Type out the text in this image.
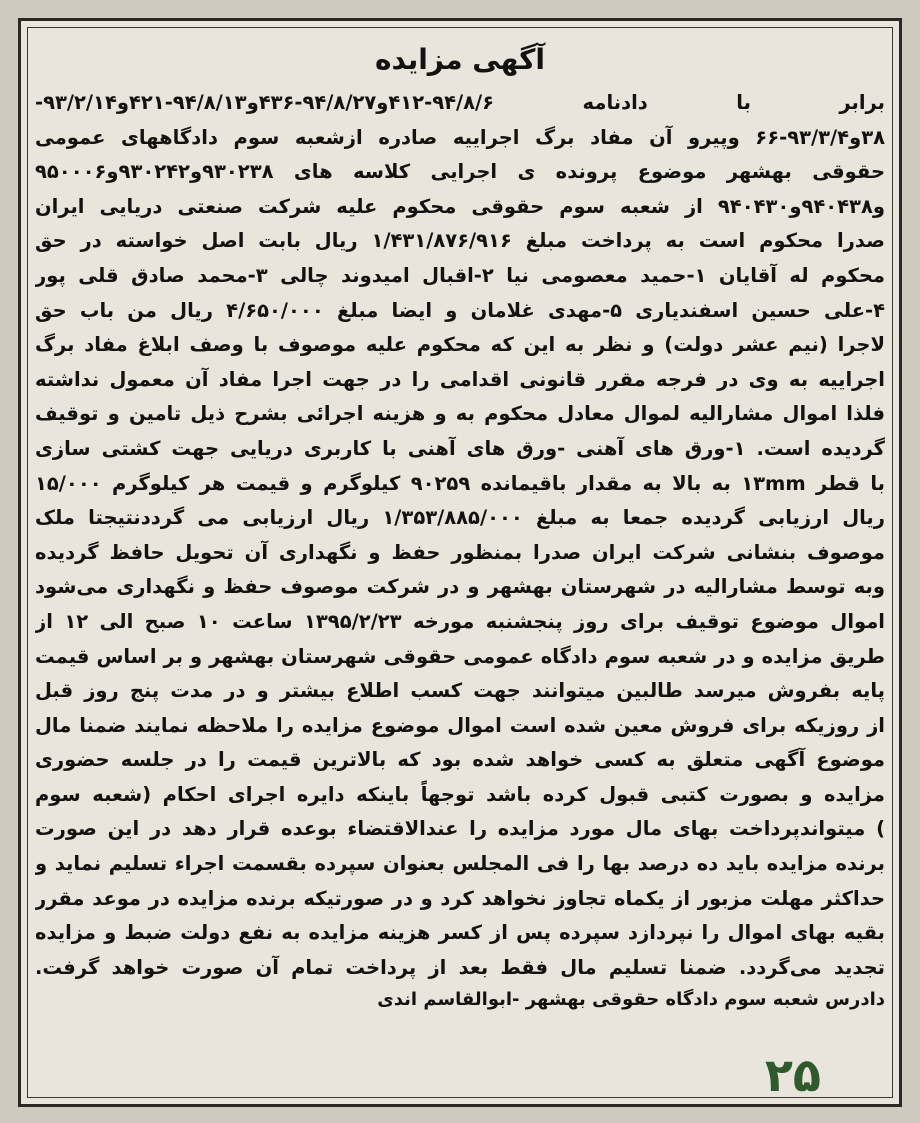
آگهی مزایده
برابر با دادنامه ۹۴/۸/۶-۴۱۲و۹۴/۸/۲۷-۴۳۶و۹۴/۸/۱۳-۴۲۱و۹۳/۲/۱۴-
۳۸و۹۳/۳/۴-۶۶ وپیرو آن مفاد برگ اجراییه صادره ازشعبه سوم دادگاههای عمومی
حقوقی بهشهر موضوع پرونده ی اجرایی کلاسه های ۹۳۰۲۳۸و۹۳۰۲۴۲و۹۵۰۰۰۶
و۹۴۰۴۳۸و۹۴۰۴۳۰ از شعبه سوم حقوقی محکوم علیه شرکت صنعتی دریایی ایران
صدرا محکوم است به پرداخت مبلغ ۱/۴۳۱/۸۷۶/۹۱۶ ریال بابت اصل خواسته در حق
محکوم له آقایان ۱-حمید معصومی نیا ۲-اقبال امیدوند چالی ۳-محمد صادق قلی پور
۴-علی حسین اسفندیاری ۵-مهدی غلامان و ایضا مبلغ ۴/۶۵۰/۰۰۰ ریال من باب حق
لاجرا (نیم عشر دولت) و نظر به این که محکوم علیه موصوف با وصف ابلاغ مفاد برگ
اجراییه به وی در فرجه مقرر قانونی اقدامی را در جهت اجرا مفاد آن معمول نداشته
فلذا اموال مشارالیه لموال معادل محکوم به و هزینه اجرائی بشرح ذیل تامین و توقیف
گردیده است. ۱-ورق های آهنی -ورق های آهنی با کاربری دریایی جهت کشتی سازی
با قطر ۱۳mm به بالا به مقدار باقیمانده ۹۰۲۵۹ کیلوگرم و قیمت هر کیلوگرم ۱۵/۰۰۰
ریال ارزیابی گردیده جمعا به مبلغ ۱/۳۵۳/۸۸۵/۰۰۰ ریال ارزیابی می گرددنتیجتا ملک
موصوف بنشانی شرکت ایران صدرا بمنظور حفظ و نگهداری آن تحویل حافظ گردیده
وبه توسط مشارالیه در شهرستان بهشهر و در شرکت موصوف حفظ و نگهداری می‌شود
اموال موضوع توقیف برای روز پنجشنبه مورخه ۱۳۹۵/۲/۲۳ ساعت ۱۰ صبح الی ۱۲ از
طریق مزایده و در شعبه سوم دادگاه عمومی حقوقی شهرستان بهشهر و بر اساس قیمت
پایه بفروش میرسد طالبین میتوانند جهت کسب اطلاع بیشتر و در مدت پنج روز قبل
از روزیکه برای فروش معین شده است اموال موضوع مزایده را ملاحظه نمایند ضمنا مال
موضوع آگهی متعلق به کسی خواهد شده بود که بالاترین قیمت را در جلسه حضوری
مزایده و بصورت کتبی قبول کرده باشد توجهاً باینکه دایره اجرای احکام (شعبه سوم
) میتواندپرداخت بهای مال مورد مزایده را عندالاقتضاء بوعده قرار دهد در این صورت
برنده مزایده باید ده درصد بها را فی المجلس بعنوان سپرده بقسمت اجراء تسلیم نماید و
حداکثر مهلت مزبور از یکماه تجاوز نخواهد کرد و در صورتیکه برنده مزایده در موعد مقرر
بقیه بهای اموال را نپردازد سپرده پس از کسر هزینه مزایده به نفع دولت ضبط و مزایده
تجدید می‌گردد. ضمنا تسلیم مال فقط بعد از پرداخت تمام آن صورت خواهد گرفت.
دادرس شعبه سوم دادگاه حقوقی بهشهر -ابوالقاسم اندی
۲۵
